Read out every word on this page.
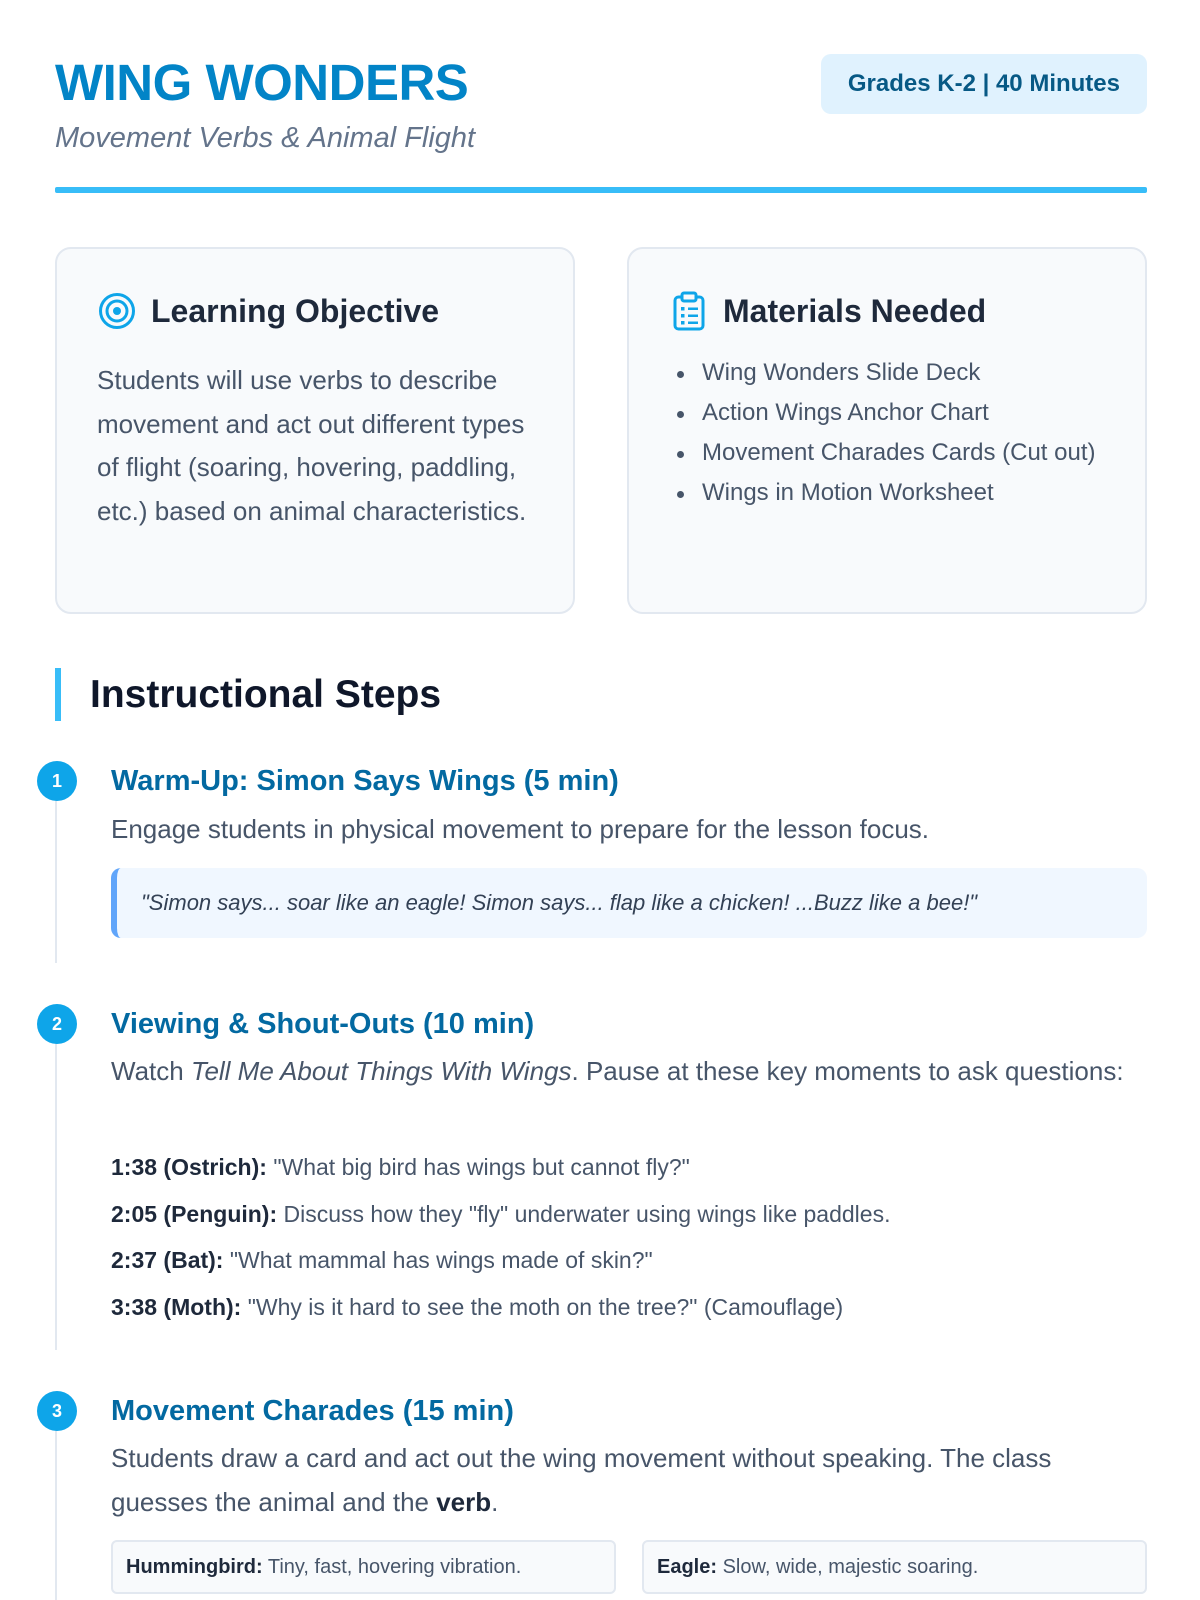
WING WONDERS
Movement Verbs & Animal Flight
Grades K-2 | 40 Minutes
Learning Objective

Students will use verbs to describe movement and act out different types of flight (soaring, hovering, paddling, etc.) based on animal characteristics.

Materials Needed
Wing Wonders Slide Deck
Action Wings Anchor Chart
Movement Charades Cards (Cut out)
Wings in Motion Worksheet
Instructional Steps
1	Warm-Up: Simon Says Wings (5 min)
Engage students in physical movement to prepare for the lesson focus.
"Simon says... soar like an eagle! Simon says... flap like a chicken! ...Buzz like a bee!"
2	Viewing & Shout-Outs (10 min)
Watch Tell Me About Things With Wings. Pause at these key moments to ask questions:
1:38 (Ostrich): "What big bird has wings but cannot fly?"
2:05 (Penguin): Discuss how they "fly" underwater using wings like paddles.
2:37 (Bat): "What mammal has wings made of skin?"
3:38 (Moth): "Why is it hard to see the moth on the tree?" (Camouflage)
3	Movement Charades (15 min)
Students draw a card and act out the wing movement without speaking. The class guesses the animal and the verb.
Hummingbird: Tiny, fast, hovering vibration.	Eagle: Slow, wide, majestic soaring.
